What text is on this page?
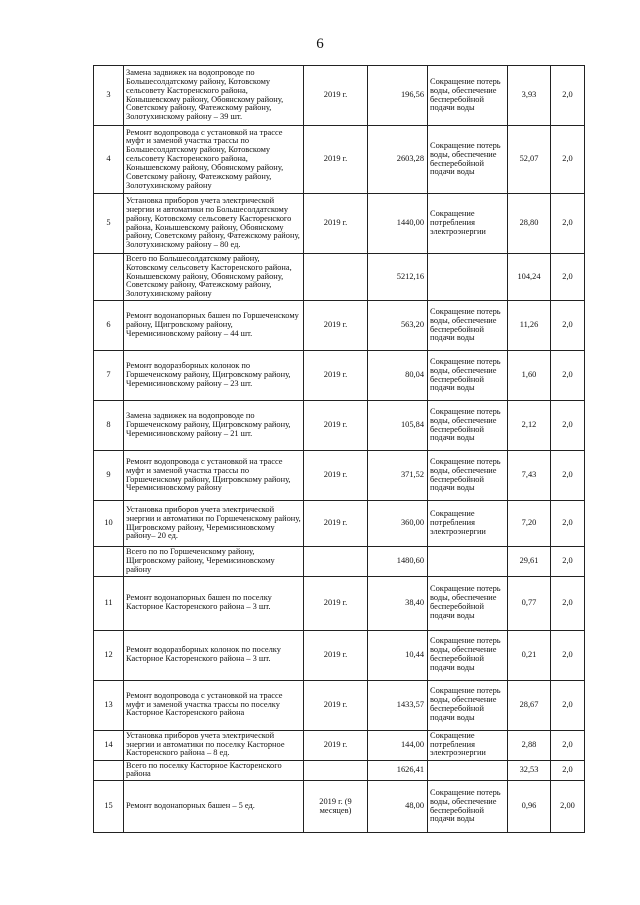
6
3	Замена задвижек на водопроводе по Большесолдатскому району, Котовскому сельсовету Касторенского района, Конышевскому району, Обоянскому району, Советскому району, Фатежскому району, Золотухинскому району – 39 шт.	2019 г.	196,56	Сокращение потерь воды, обеспечение бесперебойной подачи воды	3,93	2,0
4	Ремонт водопровода с установкой на трассе муфт и заменой участка трассы по Большесолдатскому району, Котовскому сельсовету Касторенского района, Конышевскому району, Обоянскому району, Советскому району, Фатежскому району, Золотухинскому району	2019 г.	2603,28	Сокращение потерь воды, обеспечение бесперебойной подачи воды	52,07	2,0
5	Установка приборов учета электрической энергии и автоматики по Большесолдатскому району, Котовскому сельсовету Касторенского района, Конышевскому району, Обоянскому району, Советскому району, Фатежскому району, Золотухинскому району – 80 ед.	2019 г.	1440,00	Сокращение потребления электроэнергии	28,80	2,0
	Всего по Большесолдатскому району, Котовскому сельсовету Касторенского района, Конышевскому району, Обоянскому району, Советскому району, Фатежскому району, Золотухинскому району		5212,16		104,24	2,0
6	Ремонт водонапорных башен по Горшеченскому району, Щигровскому району, Черемисиновскому району – 44 шт.	2019 г.	563,20	Сокращение потерь воды, обеспечение бесперебойной подачи воды	11,26	2,0
7	Ремонт водоразборных колонок по Горшеченскому району, Щигровскому району, Черемисиновскому району – 23 шт.	2019 г.	80,04	Сокращение потерь воды, обеспечение бесперебойной подачи воды	1,60	2,0
8	Замена задвижек на водопроводе по Горшеченскому району, Щигровскому району, Черемисиновскому району – 21 шт.	2019 г.	105,84	Сокращение потерь воды, обеспечение бесперебойной подачи воды	2,12	2,0
9	Ремонт водопровода с установкой на трассе муфт и заменой участка трассы по Горшеченскому району, Щигровскому району, Черемисиновскому району	2019 г.	371,52	Сокращение потерь воды, обеспечение бесперебойной подачи воды	7,43	2,0
10	Установка приборов учета электрической энергии и автоматики по Горшеченскому району, Щигровскому району, Черемисиновскому району– 20 ед.	2019 г.	360,00	Сокращение потребления электроэнергии	7,20	2,0
	Всего по по Горшеченскому району, Щигровскому району, Черемисиновскому району		1480,60		29,61	2,0
11	Ремонт водонапорных башен по поселку Касторное Касторенского района – 3 шт.	2019 г.	38,40	Сокращение потерь воды, обеспечение бесперебойной подачи воды	0,77	2,0
12	Ремонт водоразборных колонок по поселку Касторное Касторенского района – 3 шт.	2019 г.	10,44	Сокращение потерь воды, обеспечение бесперебойной подачи воды	0,21	2,0
13	Ремонт водопровода с установкой на трассе муфт и заменой участка трассы по поселку Касторное Касторенского района	2019 г.	1433,57	Сокращение потерь воды, обеспечение бесперебойной подачи воды	28,67	2,0
14	Установка приборов учета электрической энергии и автоматики по поселку Касторное Касторенского района – 8 ед.	2019 г.	144,00	Сокращение потребления электроэнергии	2,88	2,0
	Всего по поселку Касторное Касторенского района		1626,41		32,53	2,0
15	Ремонт водонапорных башен – 5 ед.	2019 г. (9 месяцев)	48,00	Сокращение потерь воды, обеспечение бесперебойной подачи воды	0,96	2,00
